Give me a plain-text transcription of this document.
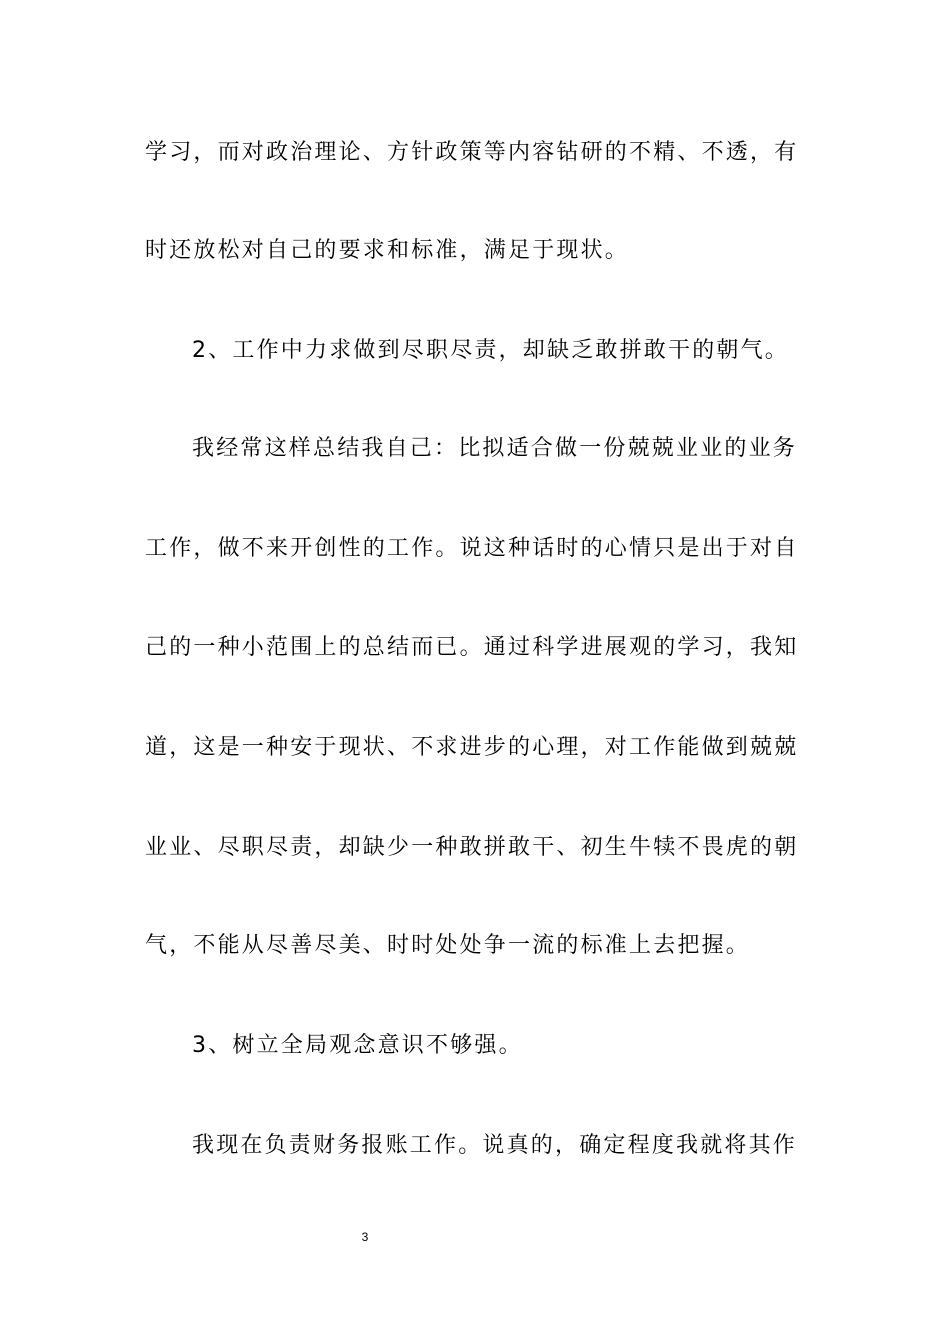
学习，而对政治理论、方针政策等内容钻研的不精、不透，有
时还放松对自己的要求和标准，满足于现状。
2、工作中力求做到尽职尽责，却缺乏敢拼敢干的朝气。
我经常这样总结我自己：比拟适合做一份兢兢业业的业务
工作，做不来开创性的工作。说这种话时的心情只是出于对自
己的一种小范围上的总结而已。通过科学进展观的学习，我知
道，这是一种安于现状、不求进步的心理，对工作能做到兢兢
业业、尽职尽责，却缺少一种敢拼敢干、初生牛犊不畏虎的朝
气，不能从尽善尽美、时时处处争一流的标准上去把握。
3、树立全局观念意识不够强。
我现在负责财务报账工作。说真的，确定程度我就将其作
3
